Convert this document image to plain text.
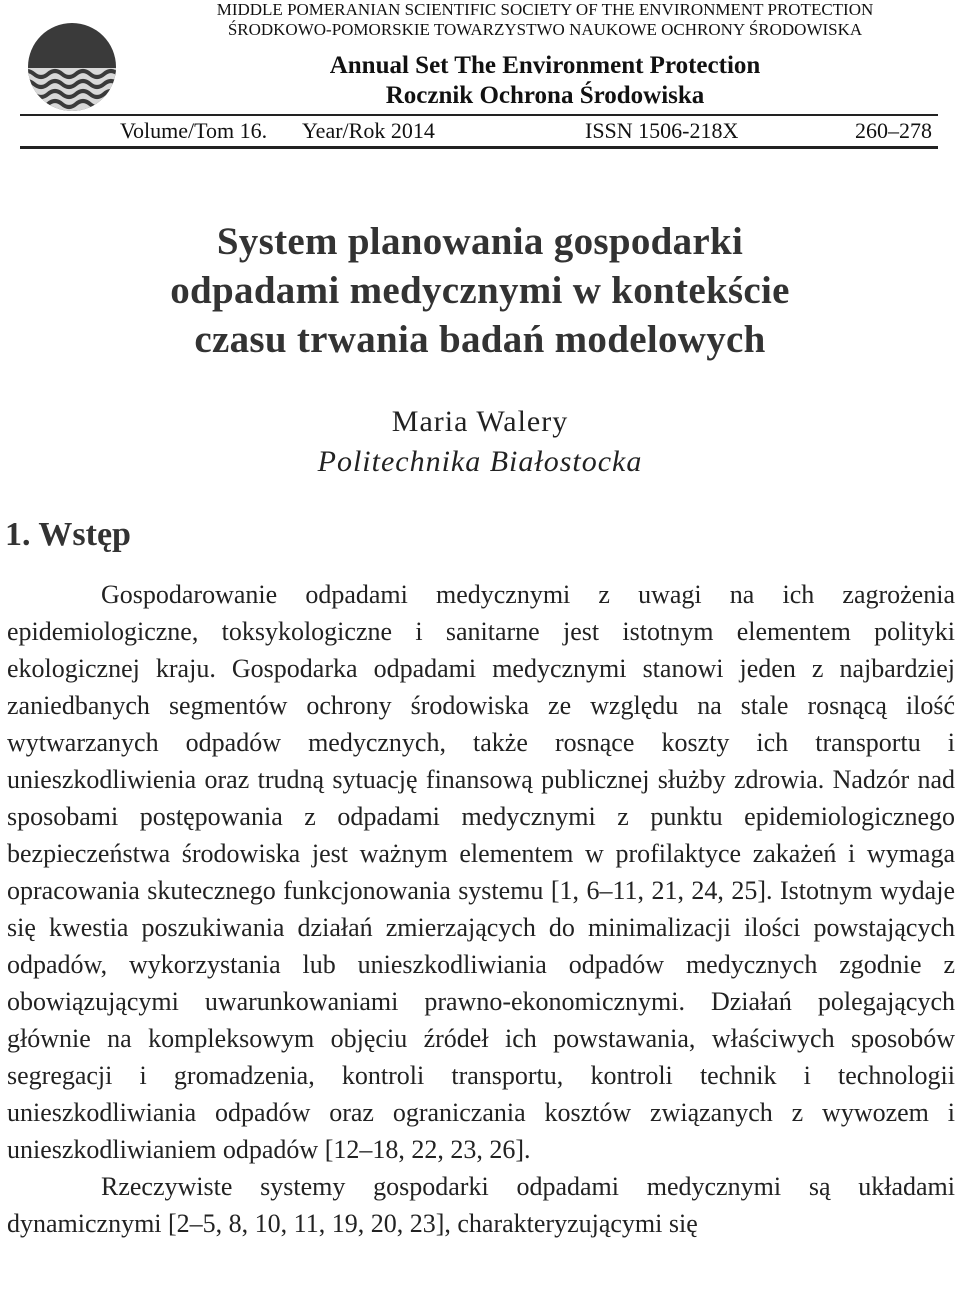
MIDDLE POMERANIAN SCIENTIFIC SOCIETY OF THE ENVIRONMENT PROTECTION
ŚRODKOWO-POMORSKIE TOWARZYSTWO NAUKOWE OCHRONY ŚRODOWISKA
Annual Set The Environment Protection
Rocznik Ochrona Środowiska
Volume/Tom 16. Year/Rok 2014	ISSN 1506-218X	260–278
System planowania gospodarki
odpadami medycznymi w kontekście
czasu trwania badań modelowych
Maria Walery
Politechnika Białostocka
1. Wstęp

Gospodarowanie odpadami medycznymi z uwagi na ich zagrożenia epidemiologiczne, toksykologiczne i sanitarne jest istotnym elementem polityki ekologicznej kraju. Gospodarka odpadami medycznymi stanowi jeden z najbardziej zaniedbanych segmentów ochrony środowiska ze względu na stale rosnącą ilość wytwarzanych odpadów medycznych, także rosnące koszty ich transportu i unieszkodliwienia oraz trudną sytuację finansową publicznej służby zdrowia. Nadzór nad sposobami postępowania z odpadami medycznymi z punktu epidemiologicznego bezpieczeństwa środowiska jest ważnym elementem w profilaktyce zakażeń i wymaga opracowania skutecznego funkcjonowania systemu [1, 6–11, 21, 24, 25]. Istotnym wydaje się kwestia poszukiwania działań zmierzających do minimalizacji ilości powstających odpadów, wykorzystania lub unieszkodliwiania odpadów medycznych zgodnie z obowiązującymi uwarunkowaniami prawno-ekonomicznymi. Działań polegających głównie na kompleksowym objęciu źródeł ich powstawania, właściwych sposobów segregacji i gromadzenia, kontroli transportu, kontroli technik i technologii unieszkodliwiania odpadów oraz ograniczania kosztów związanych z wywozem i unieszkodliwianiem odpadów [12–18, 22, 23, 26].

Rzeczywiste systemy gospodarki odpadami medycznymi są układami dynamicznymi [2–5, 8, 10, 11, 19, 20, 23], charakteryzującymi się
